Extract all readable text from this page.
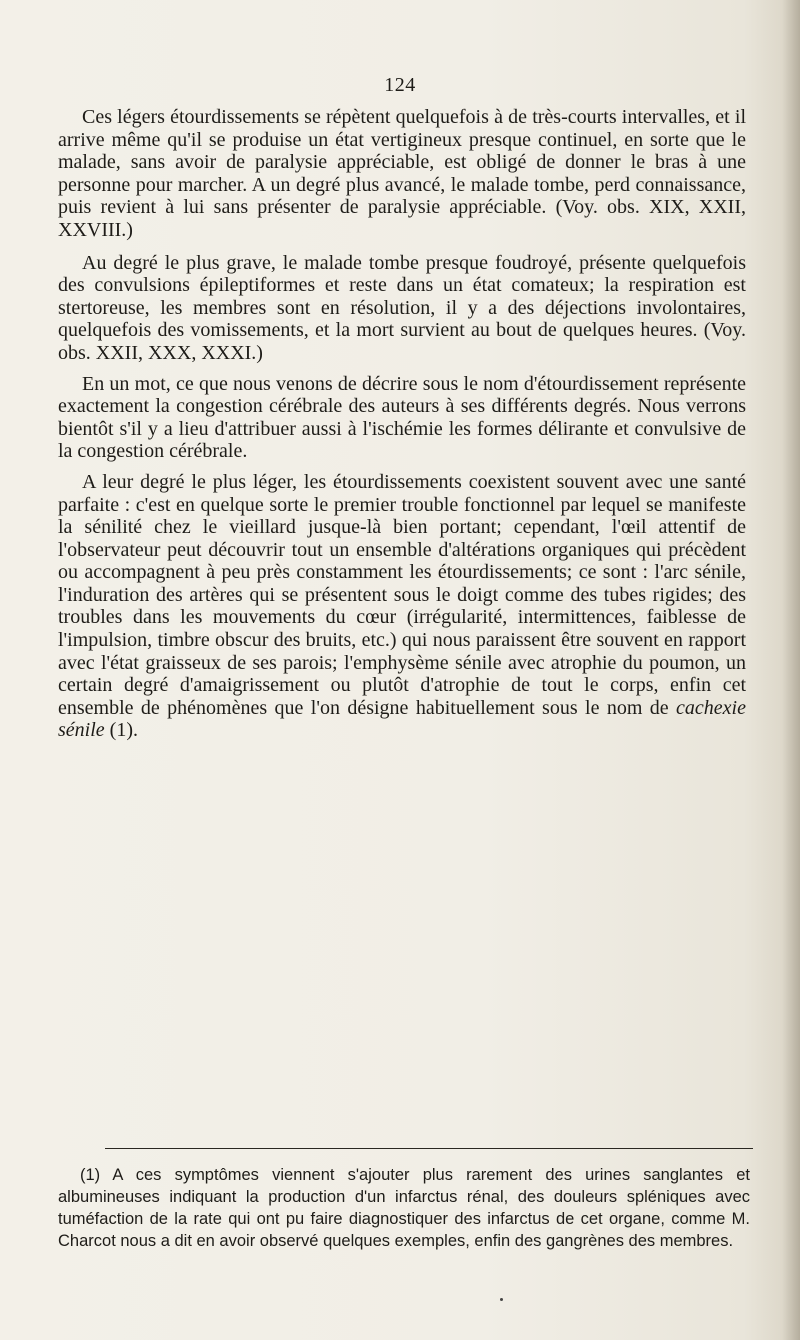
124

Ces légers étourdissements se répètent quelquefois à de très-courts intervalles, et il arrive même qu'il se produise un état vertigineux presque continuel, en sorte que le malade, sans avoir de paralysie appréciable, est obligé de donner le bras à une personne pour marcher. A un degré plus avancé, le malade tombe, perd connaissance, puis revient à lui sans présenter de paralysie appréciable. (Voy. obs. XIX, XXII, XXVIII.)

Au degré le plus grave, le malade tombe presque foudroyé, présente quelquefois des convulsions épileptiformes et reste dans un état comateux; la respiration est stertoreuse, les membres sont en résolution, il y a des déjections involontaires, quelquefois des vomissements, et la mort survient au bout de quelques heures. (Voy. obs. XXII, XXX, XXXI.)

En un mot, ce que nous venons de décrire sous le nom d'étourdissement représente exactement la congestion cérébrale des auteurs à ses différents degrés. Nous verrons bientôt s'il y a lieu d'attribuer aussi à l'ischémie les formes délirante et convulsive de la congestion cérébrale.

A leur degré le plus léger, les étourdissements coexistent souvent avec une santé parfaite : c'est en quelque sorte le premier trouble fonctionnel par lequel se manifeste la sénilité chez le vieillard jusque-là bien portant; cependant, l'œil attentif de l'observateur peut découvrir tout un ensemble d'altérations organiques qui précèdent ou accompagnent à peu près constamment les étourdissements; ce sont : l'arc sénile, l'induration des artères qui se présentent sous le doigt comme des tubes rigides; des troubles dans les mouvements du cœur (irrégularité, intermittences, faiblesse de l'impulsion, timbre obscur des bruits, etc.) qui nous paraissent être souvent en rapport avec l'état graisseux de ses parois; l'emphysème sénile avec atrophie du poumon, un certain degré d'amaigrissement ou plutôt d'atrophie de tout le corps, enfin cet ensemble de phénomènes que l'on désigne habituellement sous le nom de cachexie sénile (1).

(1) A ces symptômes viennent s'ajouter plus rarement des urines sanglantes et albumineuses indiquant la production d'un infarctus rénal, des douleurs spléniques avec tuméfaction de la rate qui ont pu faire diagnostiquer des infarctus de cet organe, comme M. Charcot nous a dit en avoir observé quelques exemples, enfin des gangrènes des membres.
